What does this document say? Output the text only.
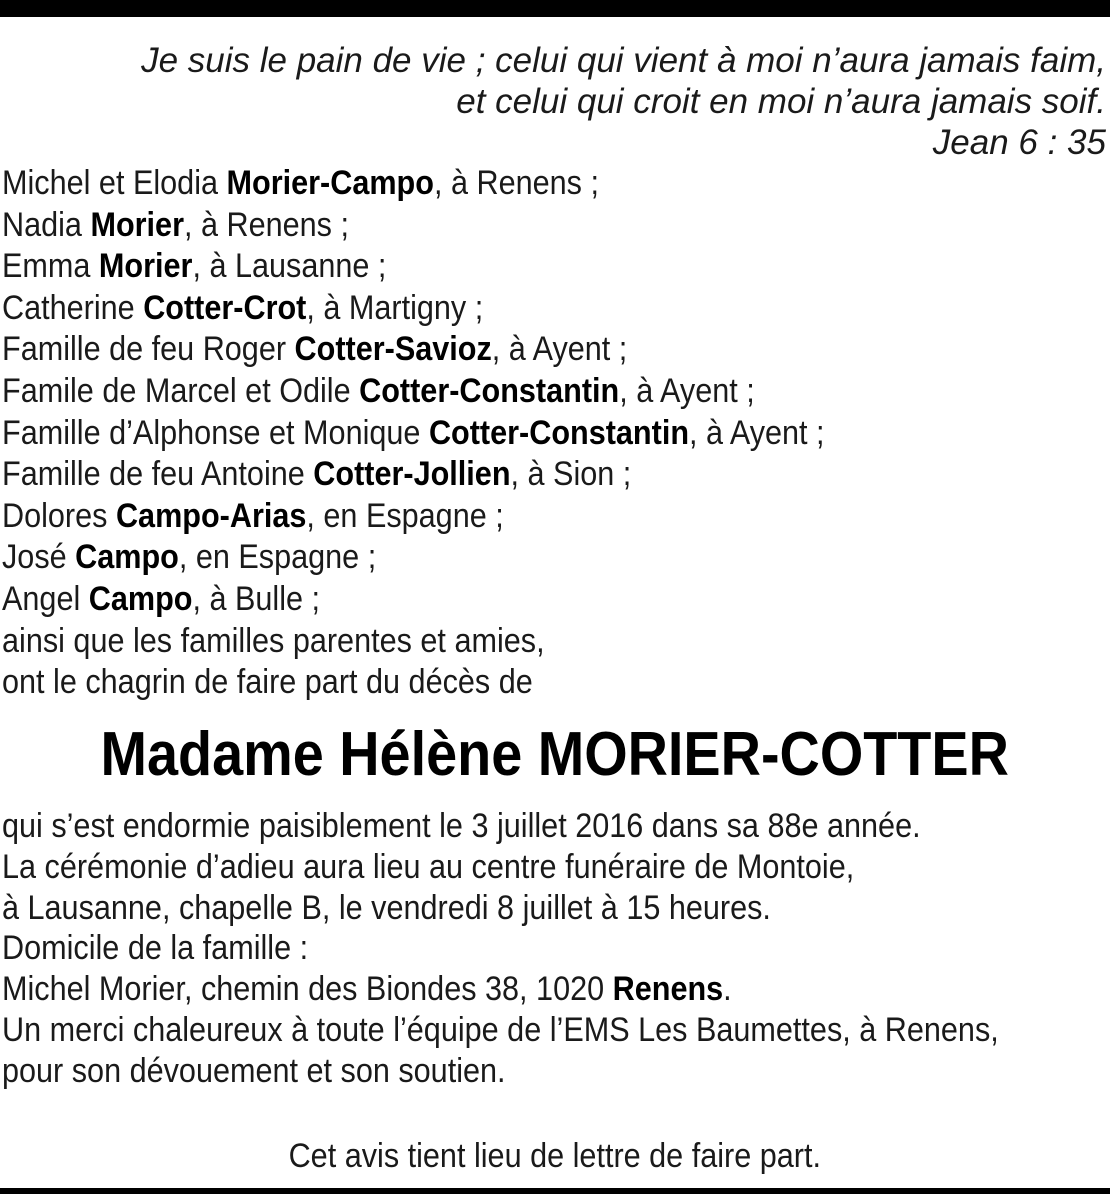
Je suis le pain de vie ; celui qui vient à moi n’aura jamais faim,
et celui qui croit en moi n’aura jamais soif.
Jean 6 : 35
Michel et Elodia Morier-Campo, à Renens ;
Nadia Morier, à Renens ;
Emma Morier, à Lausanne ;
Catherine Cotter-Crot, à Martigny ;
Famille de feu Roger Cotter-Savioz, à Ayent ;
Famile de Marcel et Odile Cotter-Constantin, à Ayent ;
Famille d’Alphonse et Monique Cotter-Constantin, à Ayent ;
Famille de feu Antoine Cotter-Jollien, à Sion ;
Dolores Campo-Arias, en Espagne ;
José Campo, en Espagne ;
Angel Campo, à Bulle ;
ainsi que les familles parentes et amies,
ont le chagrin de faire part du décès de
Madame Hélène MORIER-COTTER
qui s’est endormie paisiblement le 3 juillet 2016 dans sa 88e année.
La cérémonie d’adieu aura lieu au centre funéraire de Montoie,
à Lausanne, chapelle B, le vendredi 8 juillet à 15 heures.
Domicile de la famille :
Michel Morier, chemin des Biondes 38, 1020 Renens.
Un merci chaleureux à toute l’équipe de l’EMS Les Baumettes, à Renens,
pour son dévouement et son soutien.
Cet avis tient lieu de lettre de faire part.
